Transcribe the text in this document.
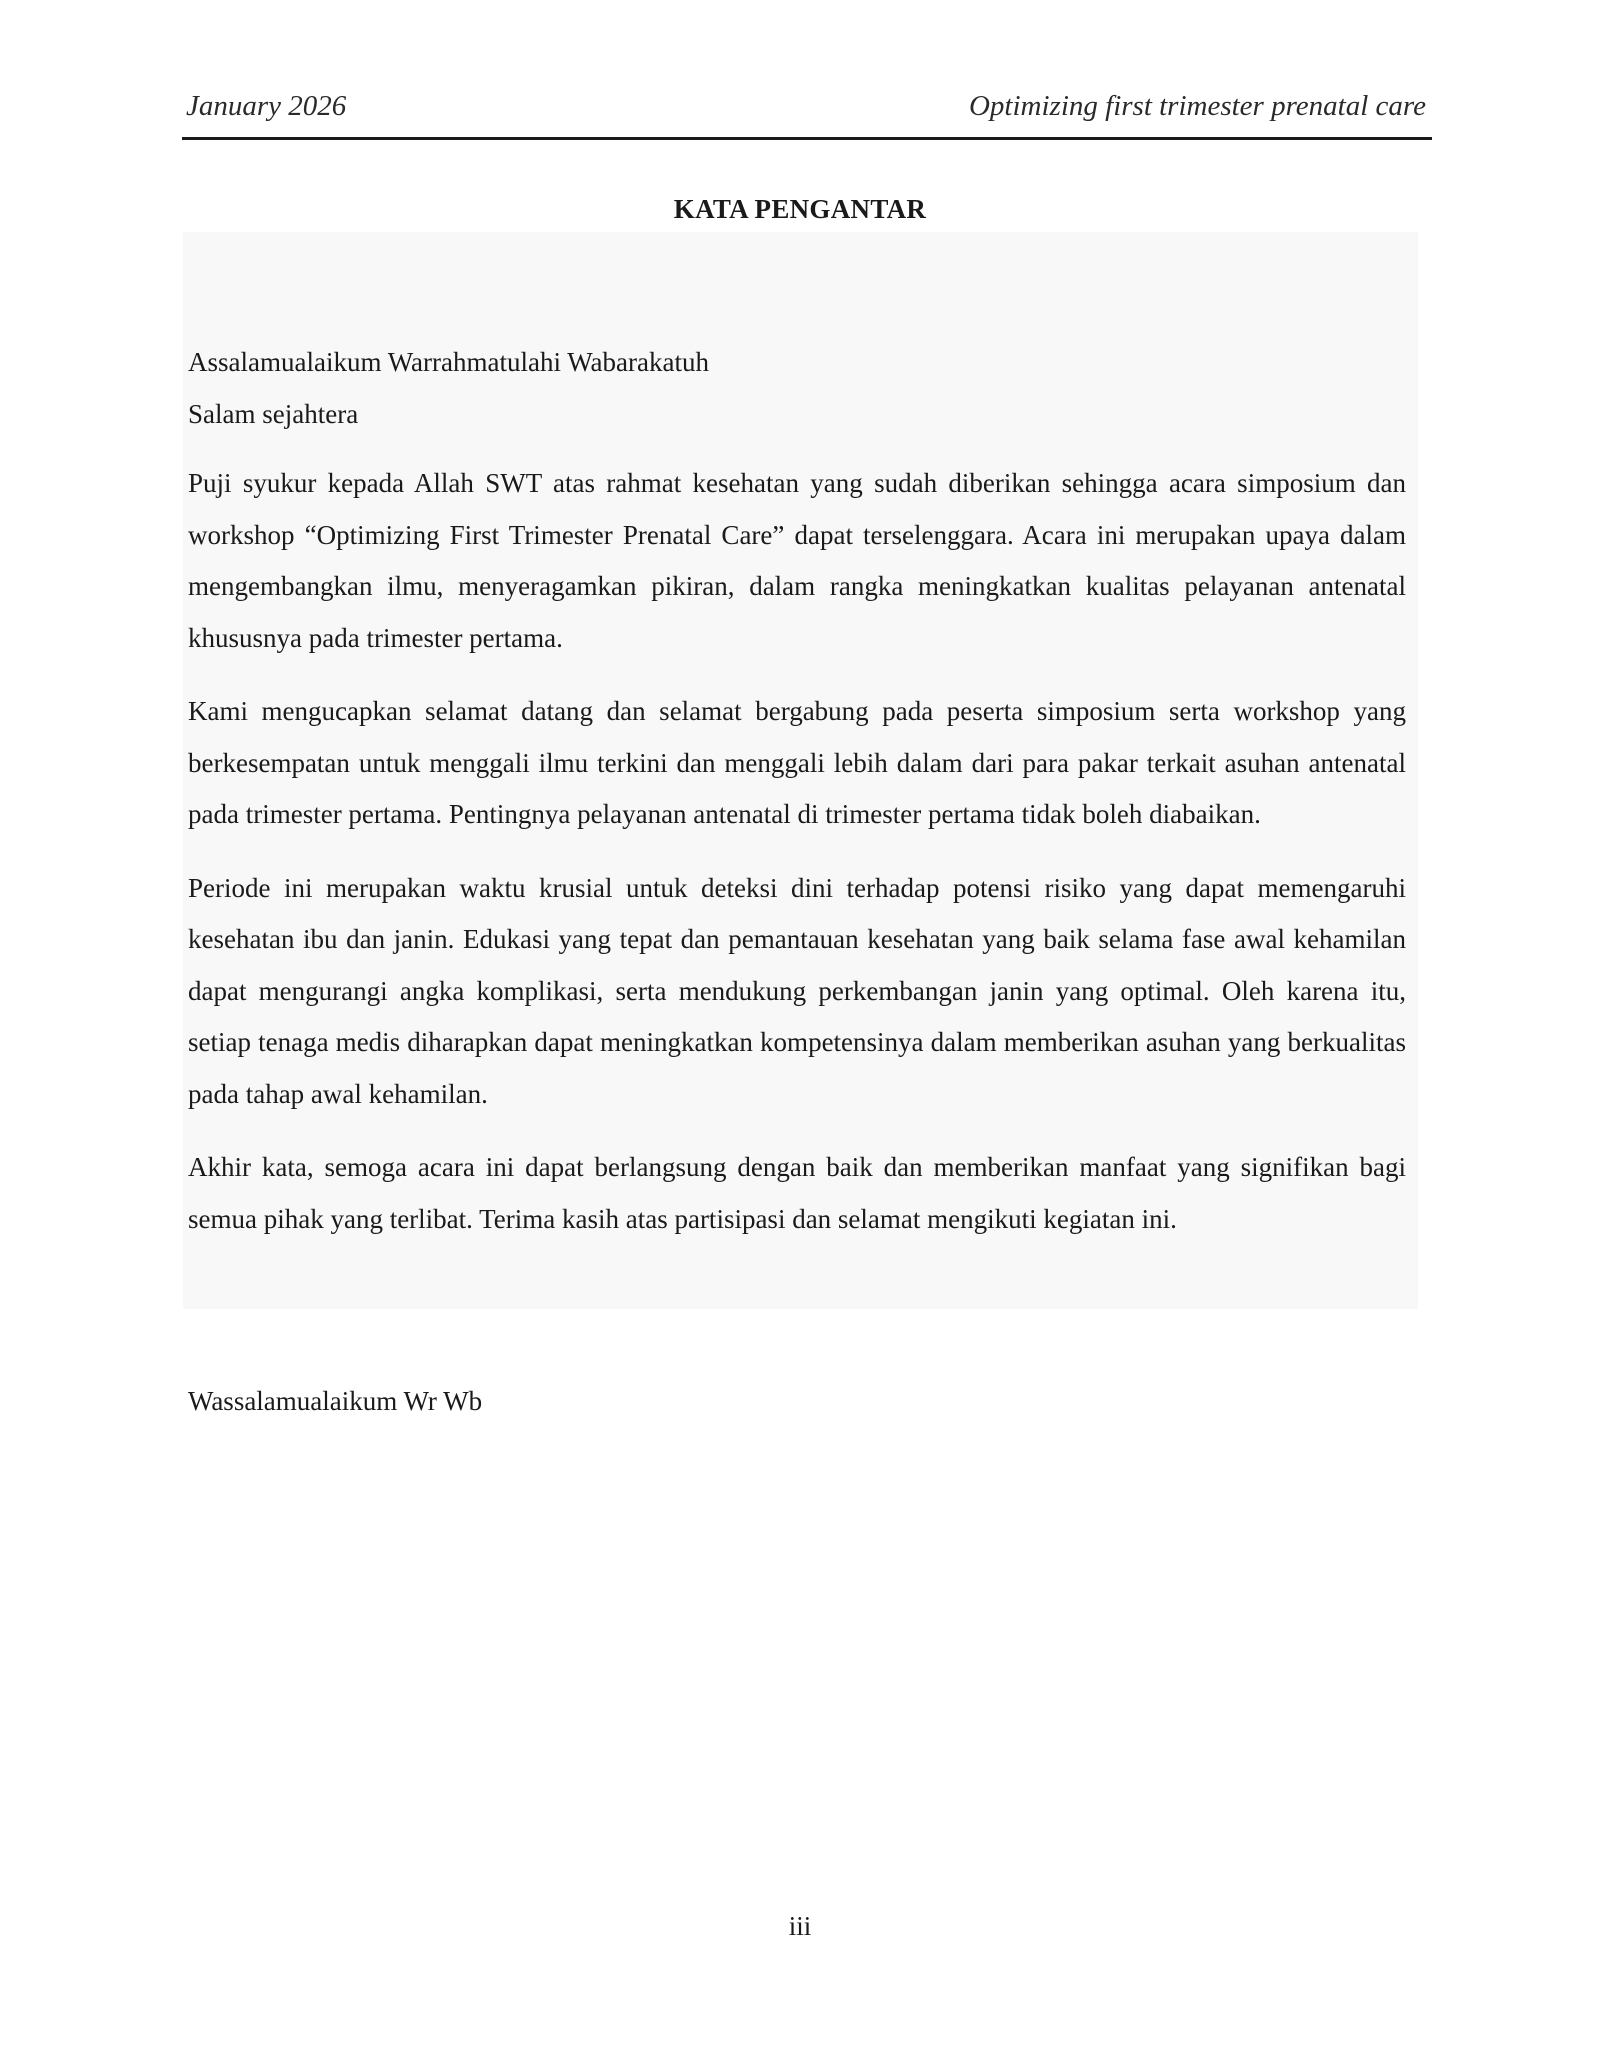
January 2026	Optimizing first trimester prenatal care
KATA PENGANTAR

Assalamualaikum Warrahmatulahi Wabarakatuh

Salam sejahtera

Puji syukur kepada Allah SWT atas rahmat kesehatan yang sudah diberikan sehingga acara simposium dan workshop “Optimizing First Trimester Prenatal Care” dapat terselenggara. Acara ini merupakan upaya dalam mengembangkan ilmu, menyeragamkan pikiran, dalam rangka meningkatkan kualitas pelayanan antenatal khususnya pada trimester pertama.

Kami mengucapkan selamat datang dan selamat bergabung pada peserta simposium serta workshop yang berkesempatan untuk menggali ilmu terkini dan menggali lebih dalam dari para pakar terkait asuhan antenatal pada trimester pertama. Pentingnya pelayanan antenatal di trimester pertama tidak boleh diabaikan.

Periode ini merupakan waktu krusial untuk deteksi dini terhadap potensi risiko yang dapat memengaruhi kesehatan ibu dan janin. Edukasi yang tepat dan pemantauan kesehatan yang baik selama fase awal kehamilan dapat mengurangi angka komplikasi, serta mendukung perkembangan janin yang optimal. Oleh karena itu, setiap tenaga medis diharapkan dapat meningkatkan kompetensinya dalam memberikan asuhan yang berkualitas pada tahap awal kehamilan.

Akhir kata, semoga acara ini dapat berlangsung dengan baik dan memberikan manfaat yang signifikan bagi semua pihak yang terlibat. Terima kasih atas partisipasi dan selamat mengikuti kegiatan ini.

Wassalamualaikum Wr Wb
iii
